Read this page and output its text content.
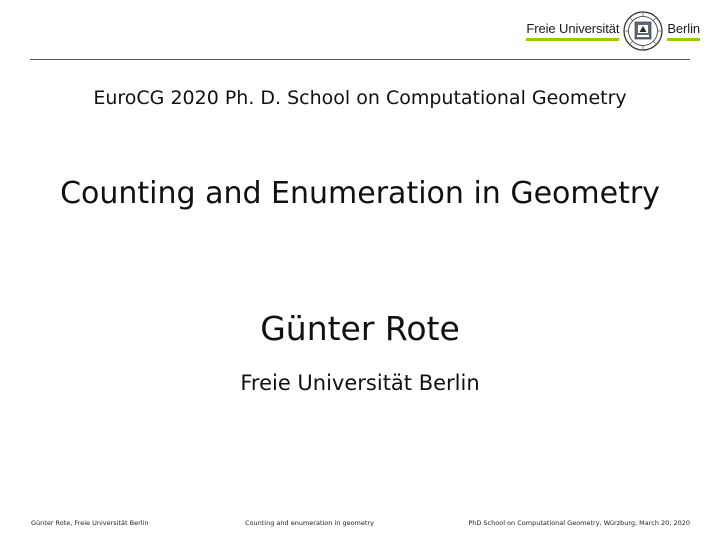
Freie Universität	Berlin
EuroCG 2020 Ph. D. School on Computational Geometry
Counting and Enumeration in Geometry
Günter Rote
Freie Universität Berlin
Günter Rote, Freie Universität Berlin	Counting and enumeration in geometry	PhD School on Computational Geometry, Würzburg, March 20, 2020
